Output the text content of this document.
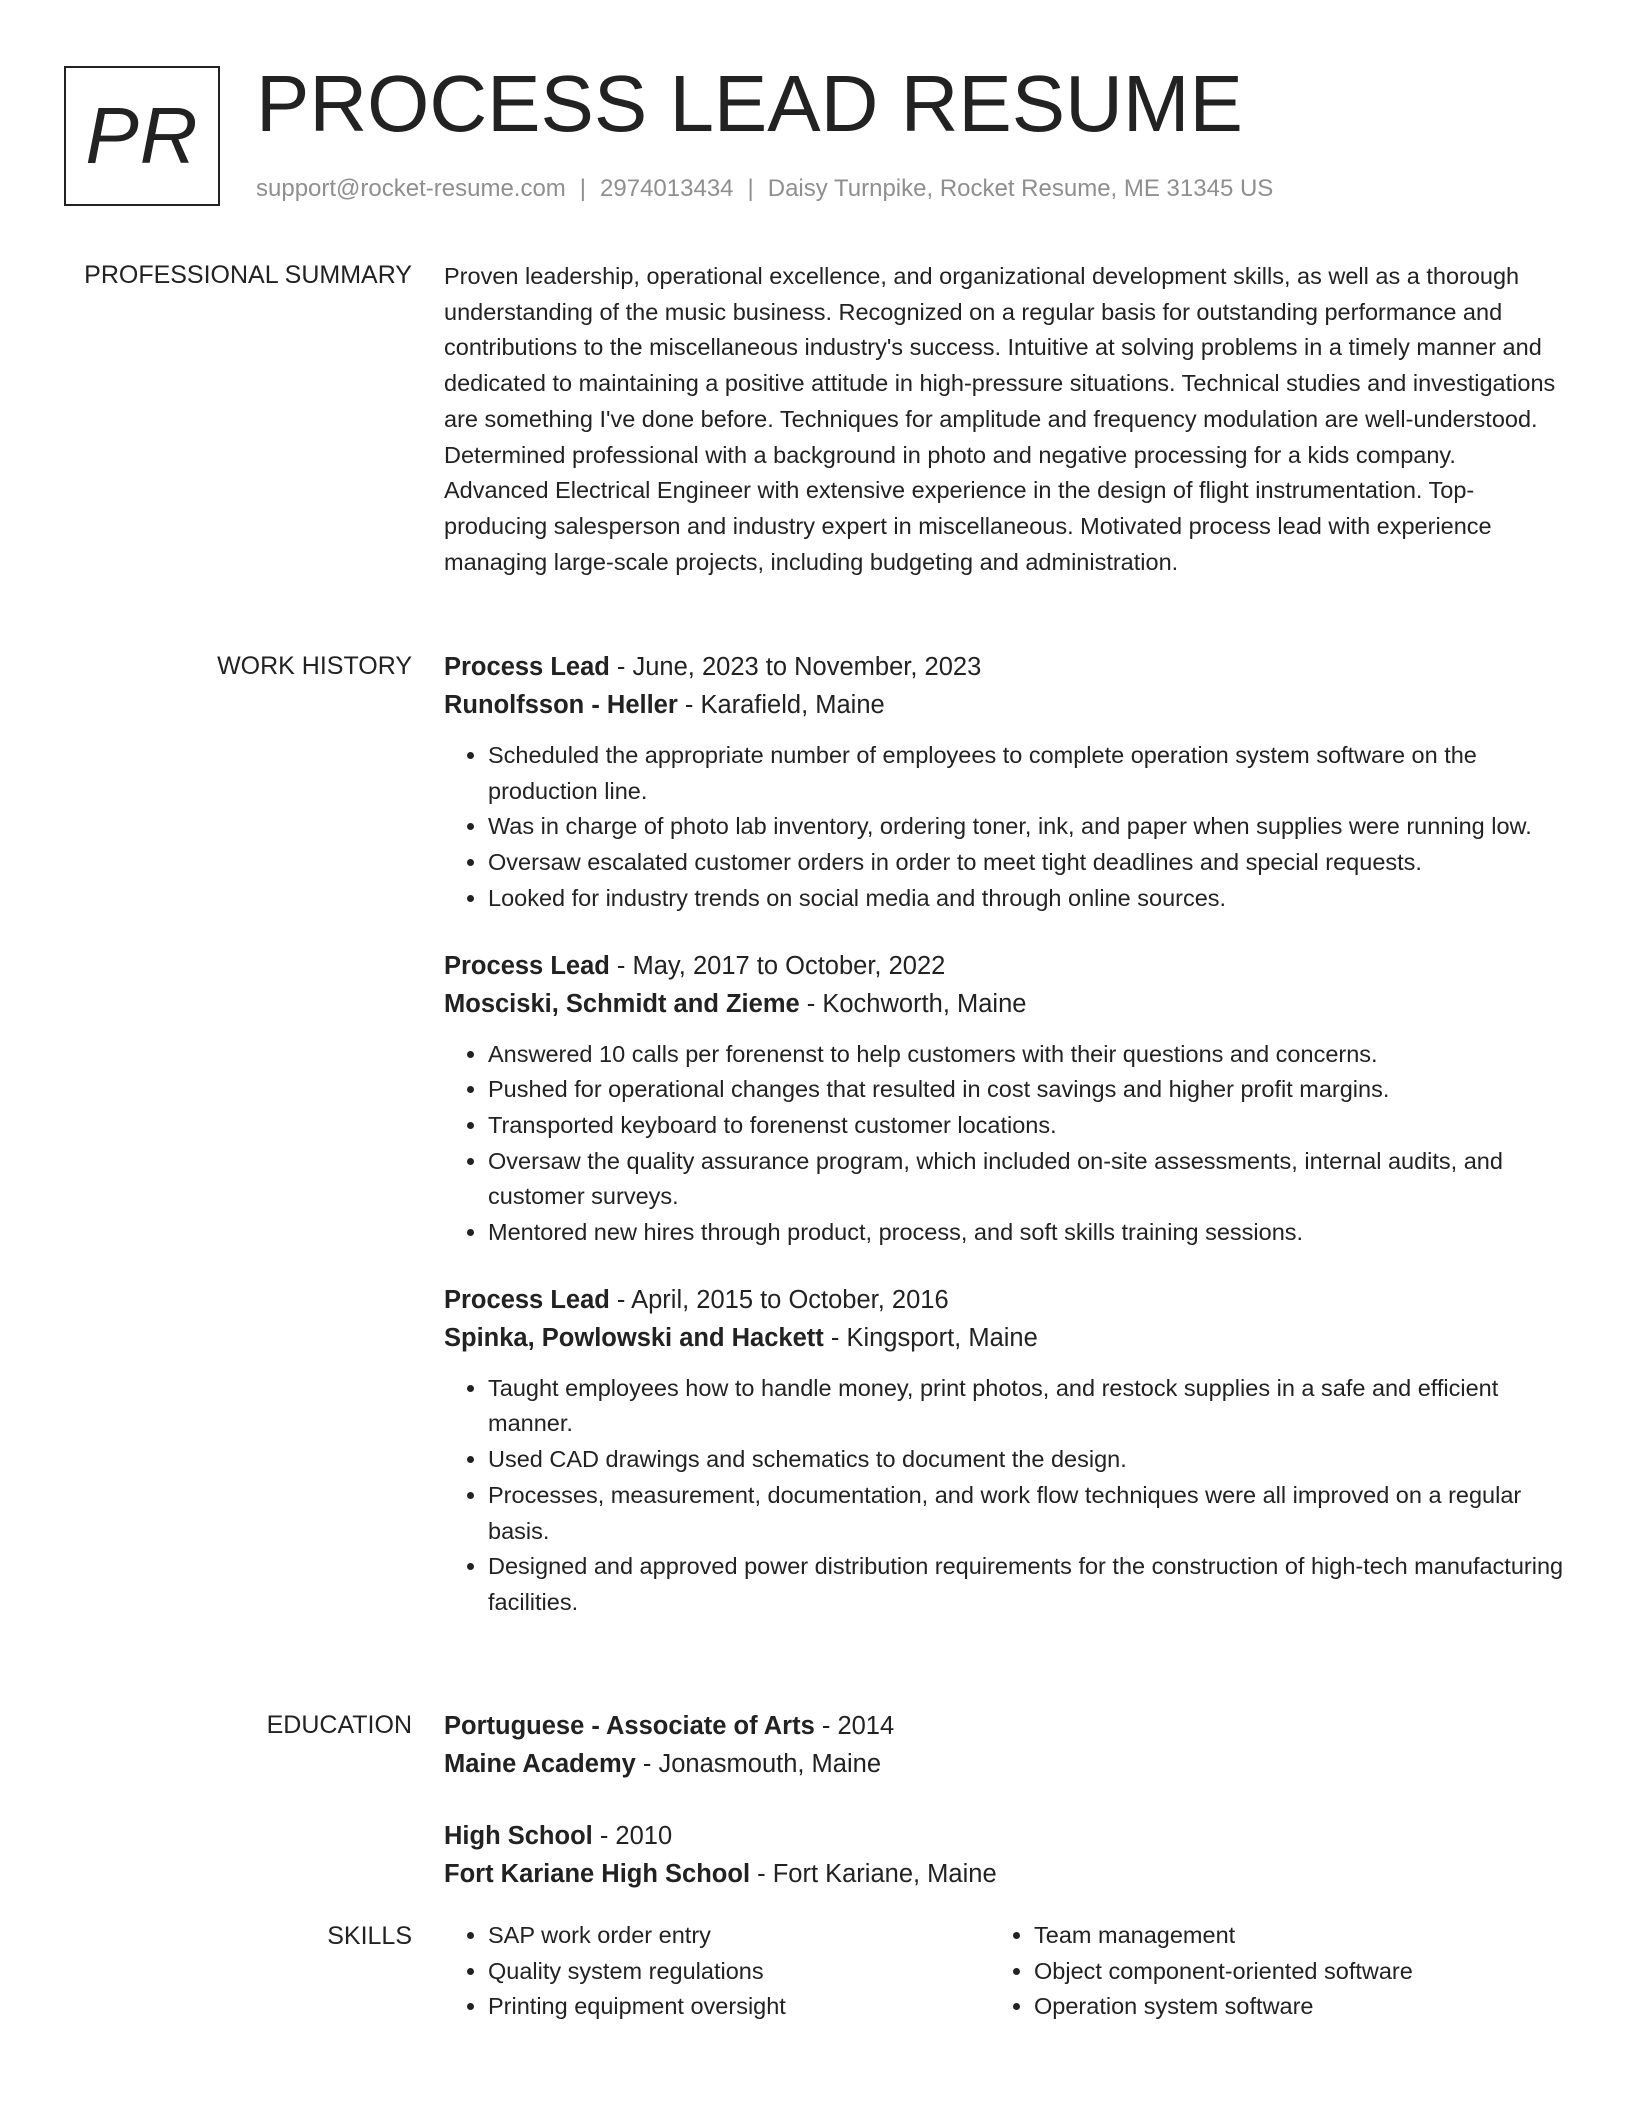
PR PROCESS LEAD RESUME
support@rocket-resume.com | 2974013434 | Daisy Turnpike, Rocket Resume, ME 31345 US
PROFESSIONAL SUMMARY Proven leadership, operational excellence, and organizational development skills, as well as a thorough understanding of the music business. Recognized on a regular basis for outstanding performance and contributions to the miscellaneous industry's success. Intuitive at solving problems in a timely manner and dedicated to maintaining a positive attitude in high-pressure situations. Technical studies and investigations are something I've done before. Techniques for amplitude and frequency modulation are well-understood. Determined professional with a background in photo and negative processing for a kids company. Advanced Electrical Engineer with extensive experience in the design of flight instrumentation. Top-producing salesperson and industry expert in miscellaneous. Motivated process lead with experience managing large-scale projects, including budgeting and administration.

WORK HISTORY Process Lead - June, 2023 to November, 2023
Runolfsson - Heller - Karafield, Maine
• Scheduled the appropriate number of employees to complete operation system software on the production line.
• Was in charge of photo lab inventory, ordering toner, ink, and paper when supplies were running low.
• Oversaw escalated customer orders in order to meet tight deadlines and special requests.
• Looked for industry trends on social media and through online sources.
Process Lead - May, 2017 to October, 2022
Mosciski, Schmidt and Zieme - Kochworth, Maine
• Answered 10 calls per forenenst to help customers with their questions and concerns.
• Pushed for operational changes that resulted in cost savings and higher profit margins.
• Transported keyboard to forenenst customer locations.
• Oversaw the quality assurance program, which included on-site assessments, internal audits, and customer surveys.
• Mentored new hires through product, process, and soft skills training sessions.
Process Lead - April, 2015 to October, 2016
Spinka, Powlowski and Hackett - Kingsport, Maine
• Taught employees how to handle money, print photos, and restock supplies in a safe and efficient manner.
• Used CAD drawings and schematics to document the design.
• Processes, measurement, documentation, and work flow techniques were all improved on a regular basis.
• Designed and approved power distribution requirements for the construction of high-tech manufacturing facilities.
EDUCATION Portuguese - Associate of Arts - 2014
Maine Academy - Jonasmouth, Maine
High School - 2010
Fort Kariane High School - Fort Kariane, Maine
SKILLS
•	SAP work order entry
• Quality system regulations
• Printing equipment oversight
• Team management
• Object component-oriented software
• Operation system software
